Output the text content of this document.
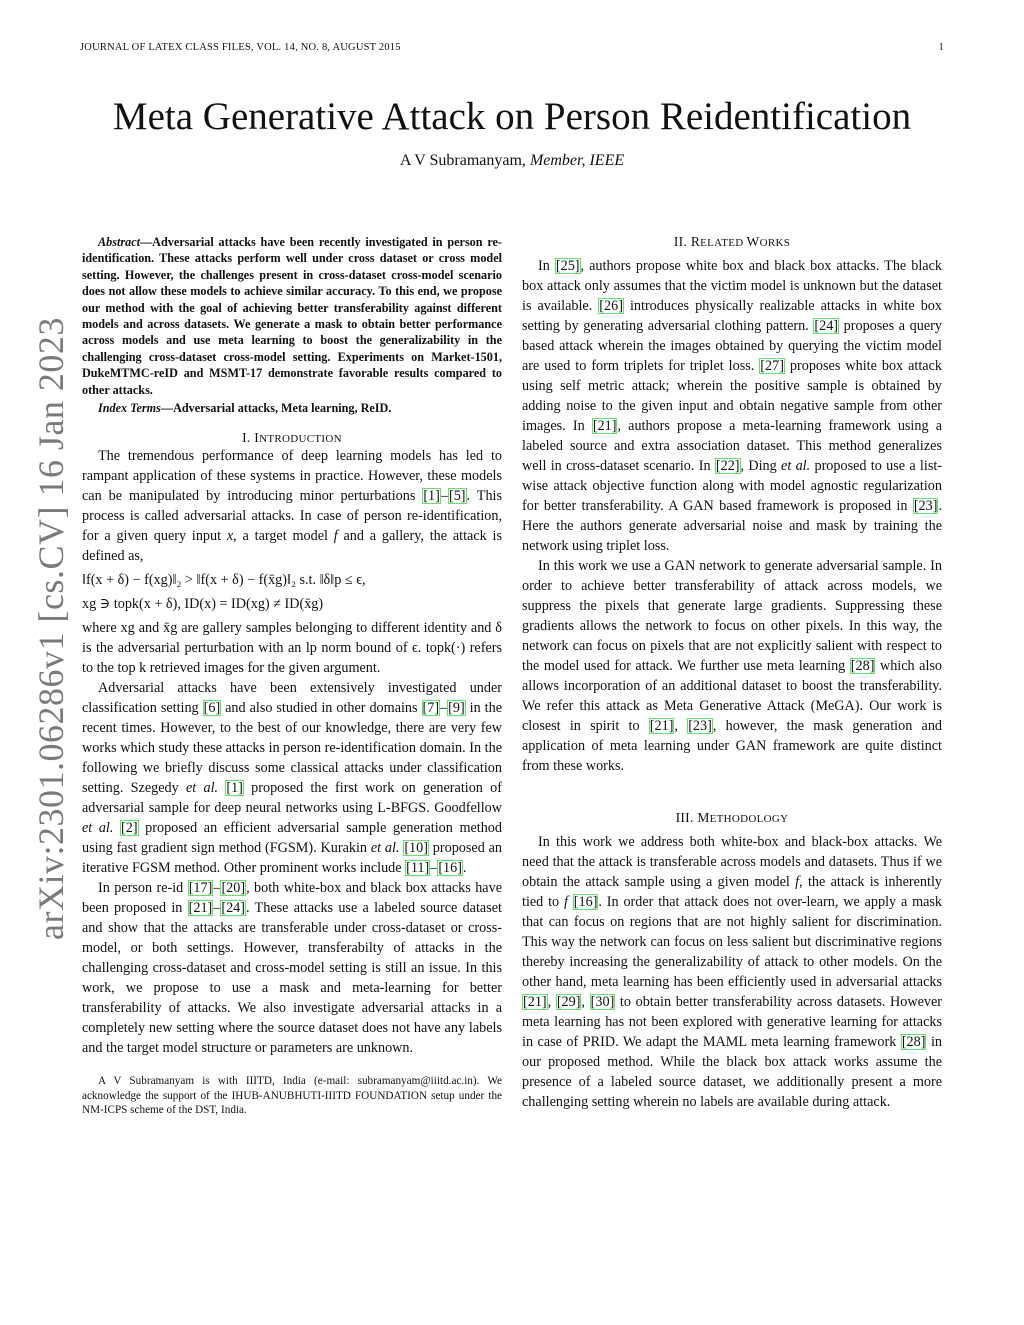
JOURNAL OF LATEX CLASS FILES, VOL. 14, NO. 8, AUGUST 2015	1
arXiv:2301.06286v1 [cs.CV] 16 Jan 2023
Meta Generative Attack on Person Reidentification
A V Subramanyam, Member, IEEE

Abstract—Adversarial attacks have been recently investigated in person re-identification. These attacks perform well under cross dataset or cross model setting. However, the challenges present in cross-dataset cross-model scenario does not allow these models to achieve similar accuracy. To this end, we propose our method with the goal of achieving better transferability against different models and across datasets. We generate a mask to obtain better performance across models and use meta learning to boost the generalizability in the challenging cross-dataset cross-model setting. Experiments on Market-1501, DukeMTMC-reID and MSMT-17 demonstrate favorable results compared to other attacks.

Index Terms—Adversarial attacks, Meta learning, ReID.

I. INTRODUCTION

The tremendous performance of deep learning models has led to rampant application of these systems in practice. However, these models can be manipulated by introducing minor perturbations [1]–[5]. This process is called adversarial attacks. In case of person re-identification, for a given query input x, a target model f and a gallery, the attack is defined as,

‖f(x + δ) − f(xg)‖₂ > ‖f(x + δ) − f(x̄g)‖₂ s.t. ‖δ‖p ≤ ϵ,
xg ∋ topk(x + δ), ID(x) = ID(xg) ≠ ID(x̄g)

where xg and x̄g are gallery samples belonging to different identity and δ is the adversarial perturbation with an lp norm bound of ϵ. topk(·) refers to the top k retrieved images for the given argument.

Adversarial attacks have been extensively investigated under classification setting [6] and also studied in other domains [7]–[9] in the recent times. However, to the best of our knowledge, there are very few works which study these attacks in person re-identification domain. In the following we briefly discuss some classical attacks under classification setting. Szegedy et al. [1] proposed the first work on generation of adversarial sample for deep neural networks using L-BFGS. Goodfellow et al. [2] proposed an efficient adversarial sample generation method using fast gradient sign method (FGSM). Kurakin et al. [10] proposed an iterative FGSM method. Other prominent works include [11]–[16].

In person re-id [17]–[20], both white-box and black box attacks have been proposed in [21]–[24]. These attacks use a labeled source dataset and show that the attacks are transferable under cross-dataset or cross-model, or both settings. However, transferabilty of attacks in the challenging cross-dataset and cross-model setting is still an issue. In this work, we propose to use a mask and meta-learning for better transferability of attacks. We also investigate adversarial attacks in a completely new setting where the source dataset does not have any labels and the target model structure or parameters are unknown.

A V Subramanyam is with IIITD, India (e-mail: subramanyam@iiitd.ac.in). We acknowledge the support of the IHUB-ANUBHUTI-IIITD FOUNDATION setup under the NM-ICPS scheme of the DST, India.

II. RELATED WORKS

In [25], authors propose white box and black box attacks. The black box attack only assumes that the victim model is unknown but the dataset is available. [26] introduces physically realizable attacks in white box setting by generating adversarial clothing pattern. [24] proposes a query based attack wherein the images obtained by querying the victim model are used to form triplets for triplet loss. [27] proposes white box attack using self metric attack; wherein the positive sample is obtained by adding noise to the given input and obtain negative sample from other images. In [21], authors propose a meta-learning framework using a labeled source and extra association dataset. This method generalizes well in cross-dataset scenario. In [22], Ding et al. proposed to use a list-wise attack objective function along with model agnostic regularization for better transferability. A GAN based framework is proposed in [23]. Here the authors generate adversarial noise and mask by training the network using triplet loss.

In this work we use a GAN network to generate adversarial sample. In order to achieve better transferability of attack across models, we suppress the pixels that generate large gradients. Suppressing these gradients allows the network to focus on other pixels. In this way, the network can focus on pixels that are not explicitly salient with respect to the model used for attack. We further use meta learning [28] which also allows incorporation of an additional dataset to boost the transferability. We refer this attack as Meta Generative Attack (MeGA). Our work is closest in spirit to [21], [23], however, the mask generation and application of meta learning under GAN framework are quite distinct from these works.

III. METHODOLOGY

In this work we address both white-box and black-box attacks. We need that the attack is transferable across models and datasets. Thus if we obtain the attack sample using a given model f, the attack is inherently tied to f [16]. In order that attack does not over-learn, we apply a mask that can focus on regions that are not highly salient for discrimination. This way the network can focus on less salient but discriminative regions thereby increasing the generalizability of attack to other models. On the other hand, meta learning has been efficiently used in adversarial attacks [21], [29], [30] to obtain better transferability across datasets. However meta learning has not been explored with generative learning for attacks in case of PRID. We adapt the MAML meta learning framework [28] in our proposed method. While the black box attack works assume the presence of a labeled source dataset, we additionally present a more challenging setting wherein no labels are available during attack.
